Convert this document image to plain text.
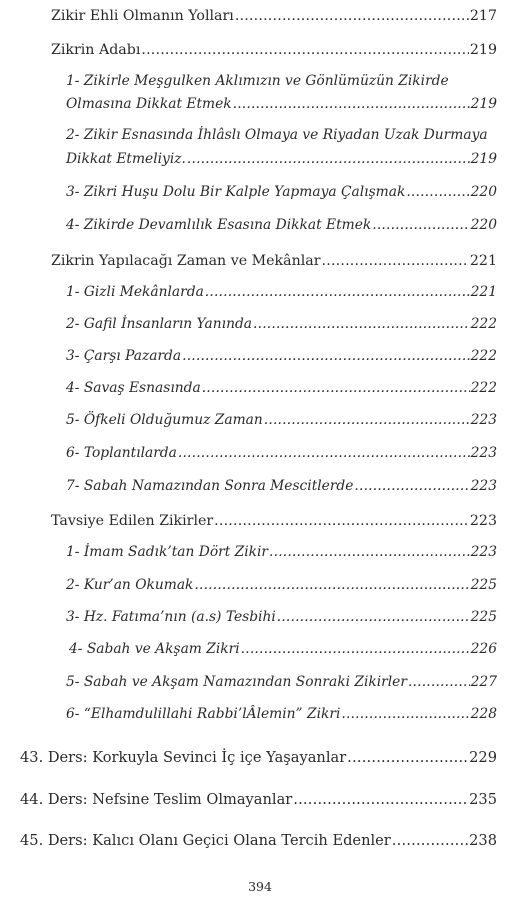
Zikir Ehli Olmanın Yolları .....	217
Zikrin Adabı .....	219
1- Zikirle Meşgulken Aklımızın ve Gönlümüzün Zikirde
Olmasına Dikkat Etmek .....	219
2- Zikir Esnasında İhlâslı Olmaya ve Riyadan Uzak Durmaya
Dikkat Etmeliyiz. .....	219
3- Zikri Huşu Dolu Bir Kalple Yapmaya Çalışmak .....	220
4- Zikirde Devamlılık Esasına Dikkat Etmek .....	220
Zikrin Yapılacağı Zaman ve Mekânlar .....	221
1- Gizli Mekânlarda .....	221
2- Gafil İnsanların Yanında .....	222
3- Çarşı Pazarda .....	222
4- Savaş Esnasında .....	222
5- Öfkeli Olduğumuz Zaman .....	223
6- Toplantılarda .....	223
7- Sabah Namazından Sonra Mescitlerde .....	223
Tavsiye Edilen Zikirler .....	223
1- İmam Sadık’tan Dört Zikir .....	223
2- Kur’an Okumak .....	225
3- Hz. Fatıma’nın (a.s) Tesbihi .....	225
4- Sabah ve Akşam Zikri .....	226
5- Sabah ve Akşam Namazından Sonraki Zikirler .....	227
6- “Elhamdulillahi Rabbi’lÂlemin” Zikri .....	228
43. Ders: Korkuyla Sevinci İç içe Yaşayanlar .....	229
44. Ders: Nefsine Teslim Olmayanlar .....	235
45. Ders: Kalıcı Olanı Geçici Olana Tercih Edenler .....	238
394
